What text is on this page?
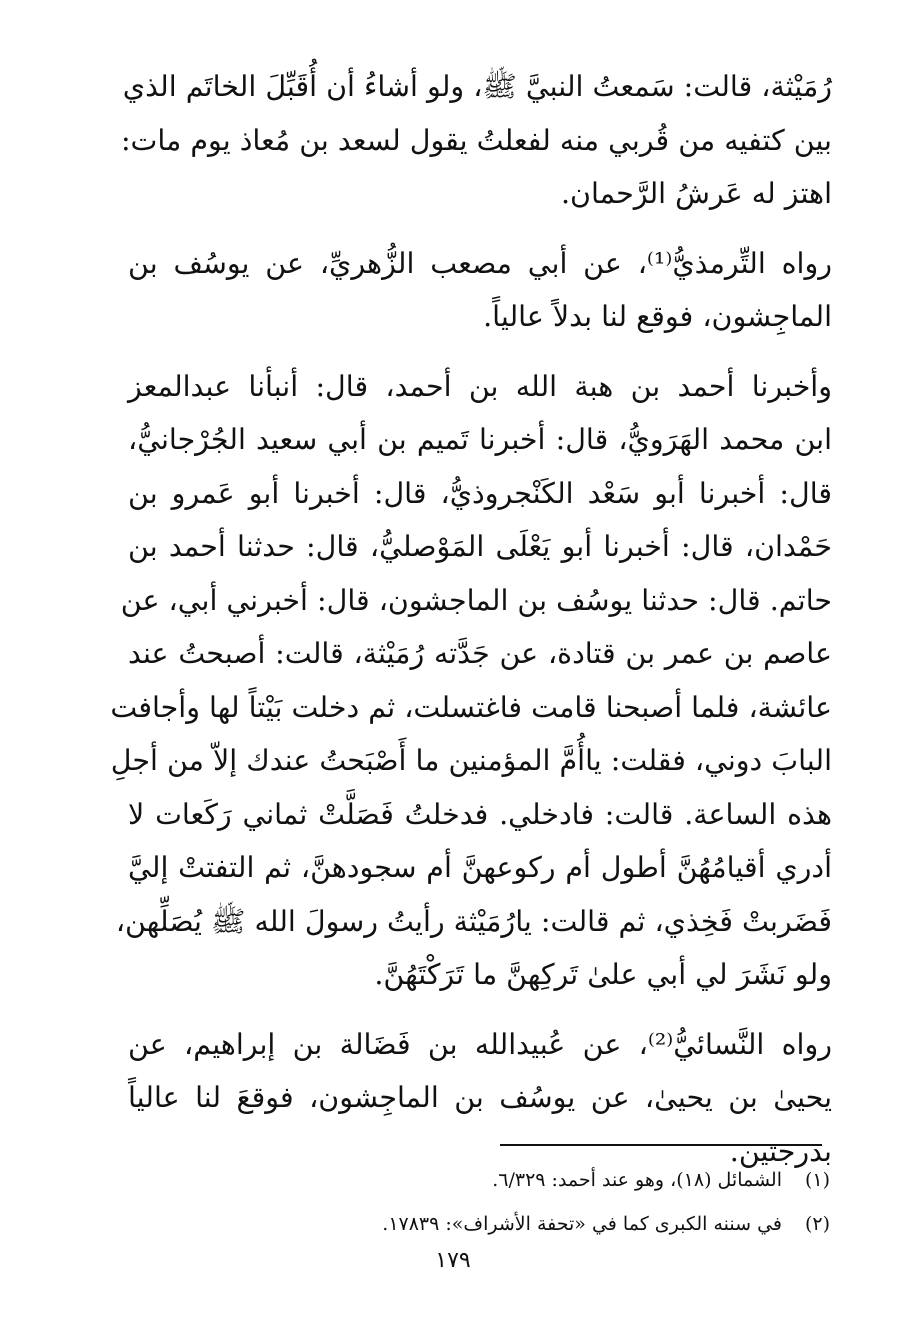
رُمَيْثة، قالت: سَمعتُ النبيَّ ﷺ، ولو أشاءُ أن أُقَبِّلَ الخاتَم الذي
بين كتفيه من قُربي منه لفعلتُ يقول لسعد بن مُعاذ يوم مات:
اهتز له عَرشُ الرَّحمان.
رواه التِّرمذيُّ⁽¹⁾، عن أبي مصعب الزُّهريِّ، عن يوسُف بن
الماجِشون، فوقع لنا بدلاً عالياً.
وأخبرنا أحمد بن هبة الله بن أحمد، قال: أنبأنا عبدالمعز
ابن محمد الهَرَويُّ، قال: أخبرنا تَميم بن أبي سعيد الجُرْجانيُّ،
قال: أخبرنا أبو سَعْد الكَنْجروذيُّ، قال: أخبرنا أبو عَمرو بن
حَمْدان، قال: أخبرنا أبو يَعْلَى المَوْصليُّ، قال: حدثنا أحمد بن
حاتم. قال: حدثنا يوسُف بن الماجشون، قال: أخبرني أبي، عن
عاصم بن عمر بن قتادة، عن جَدَّته رُمَيْثة، قالت: أصبحتُ عند
عائشة، فلما أصبحنا قامت فاغتسلت، ثم دخلت بَيْتاً لها وأجافت
البابَ دوني، فقلت: ياأُمَّ المؤمنين ما أَصْبَحتُ عندك إلاّ من أجلِ
هذه الساعة. قالت: فادخلي. فدخلتُ فَصَلَّتْ ثماني رَكَعات لا
أدري أقيامُهُنَّ أطول أم ركوعهنَّ أم سجودهنَّ، ثم التفتتْ إليَّ
فَضَربتْ فَخِذي، ثم قالت: يارُمَيْثة رأيتُ رسولَ الله ﷺ يُصَلِّهن،
ولو نَشَرَ لي أبي علىٰ تَركِهنَّ ما تَرَكْتَهُنَّ.
رواه النَّسائيُّ⁽²⁾، عن عُبيدالله بن فَضَالة بن إبراهيم، عن
يحيىٰ بن يحيىٰ، عن يوسُف بن الماجِشون، فوقعَ لنا عالياً
بدرجتين.
(١)الشمائل (١٨)، وهو عند أحمد: ٦/٣٢٩.
(٢)في سننه الكبرى كما في «تحفة الأشراف»: ١٧٨٣٩.
١٧٩
